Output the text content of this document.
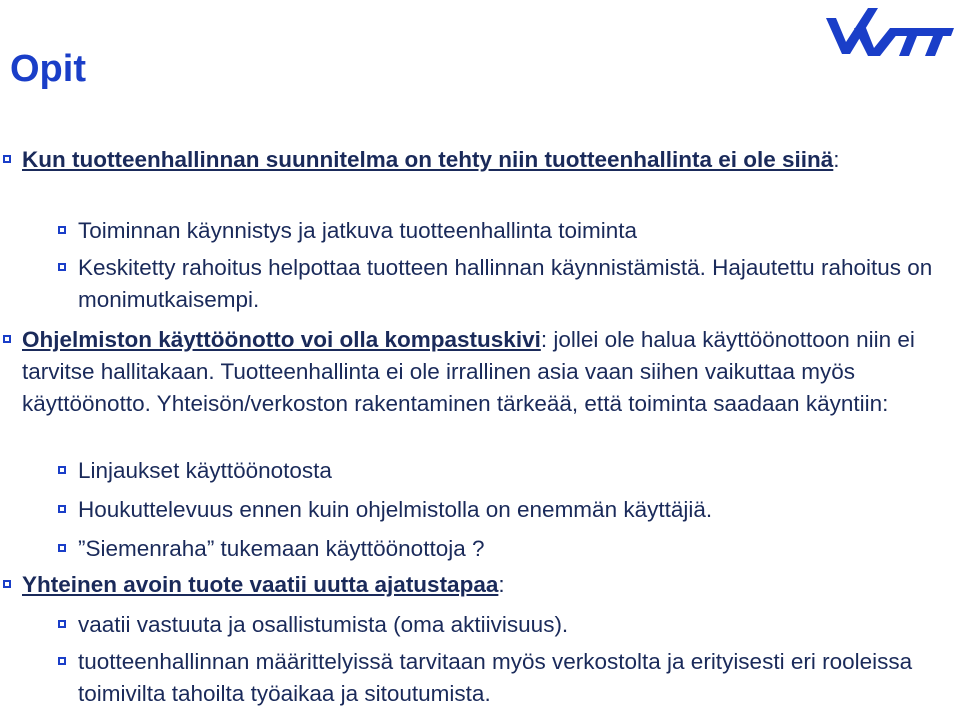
Opit

Kun tuotteenhallinnan suunnitelma on tehty niin tuotteenhallinta ei ole siinä:

Toiminnan käynnistys ja jatkuva tuotteenhallinta toiminta

Keskitetty rahoitus helpottaa tuotteen hallinnan käynnistämistä. Hajautettu rahoitus on monimutkaisempi.

Ohjelmiston käyttöönotto voi olla kompastuskivi: jollei ole halua käyttöönottoon niin ei tarvitse hallitakaan. Tuotteenhallinta ei ole irrallinen asia vaan siihen vaikuttaa myös käyttöönotto. Yhteisön/verkoston rakentaminen tärkeää, että toiminta saadaan käyntiin:

Linjaukset käyttöönotosta

Houkuttelevuus ennen kuin ohjelmistolla on enemmän käyttäjiä.

”Siemenraha” tukemaan käyttöönottoja ?

Yhteinen avoin tuote vaatii uutta ajatustapaa:

vaatii vastuuta ja osallistumista (oma aktiivisuus).

tuotteenhallinnan määrittelyissä tarvitaan myös verkostolta ja erityisesti eri rooleissa toimivilta tahoilta työaikaa ja sitoutumista.
